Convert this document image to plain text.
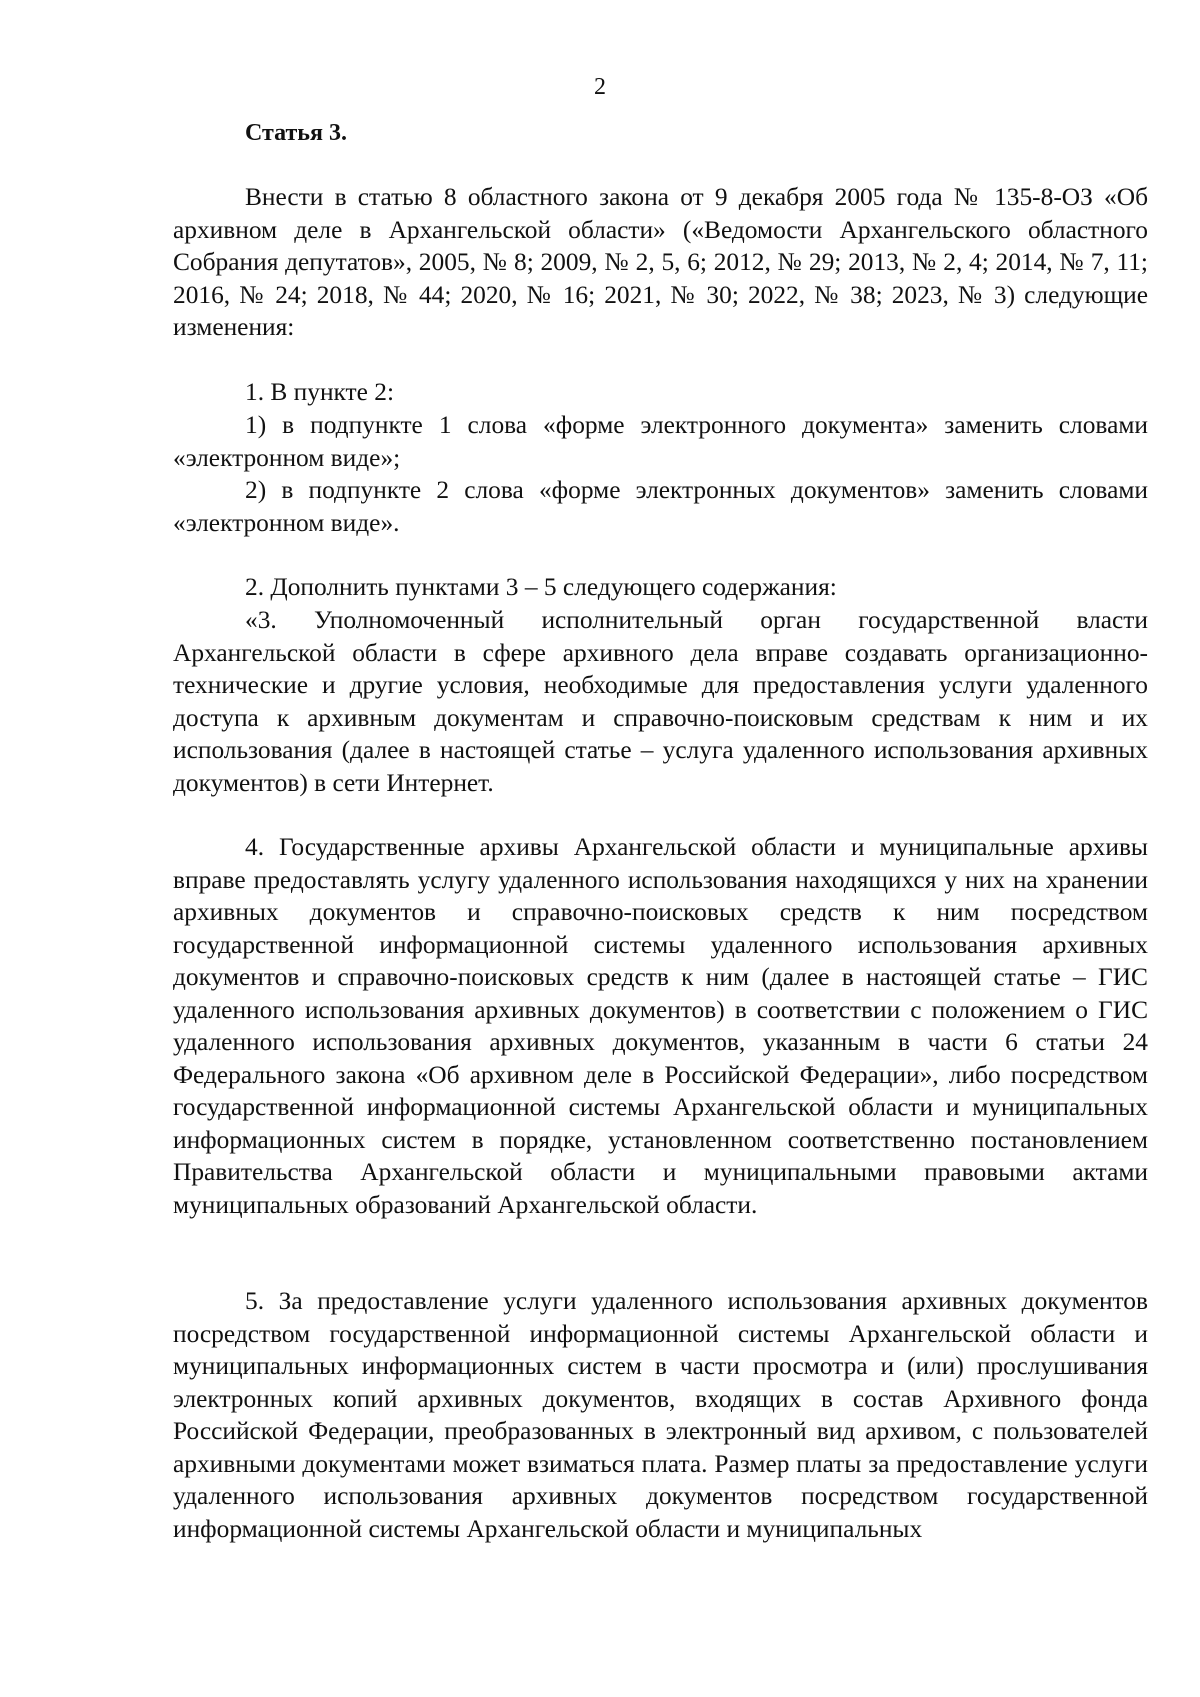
2
Статья 3.

Внести в статью 8 областного закона от 9 декабря 2005 года № 135-8-ОЗ «Об архивном деле в Архангельской области» («Ведомости Архангельского областного Собрания депутатов», 2005, № 8; 2009, № 2, 5, 6; 2012, № 29; 2013, № 2, 4; 2014, № 7, 11; 2016, № 24; 2018, № 44; 2020, № 16; 2021, № 30; 2022, № 38; 2023, № 3) следующие изменения:

1. В пункте 2:

1) в подпункте 1 слова «форме электронного документа» заменить словами «электронном виде»;

2) в подпункте 2 слова «форме электронных документов» заменить словами «электронном виде».

2. Дополнить пунктами 3 – 5 следующего содержания:

«3. Уполномоченный исполнительный орган государственной власти Архангельской области в сфере архивного дела вправе создавать организационно-технические и другие условия, необходимые для предоставления услуги удаленного доступа к архивным документам и справочно-поисковым средствам к ним и их использования (далее в настоящей статье – услуга удаленного использования архивных документов) в сети Интернет.

4. Государственные архивы Архангельской области и муниципальные архивы вправе предоставлять услугу удаленного использования находящихся у них на хранении архивных документов и справочно-поисковых средств к ним посредством государственной информационной системы удаленного использования архивных документов и справочно-поисковых средств к ним (далее в настоящей статье – ГИС удаленного использования архивных документов) в соответствии с положением о ГИС удаленного использования архивных документов, указанным в части 6 статьи 24 Федерального закона «Об архивном деле в Российской Федерации», либо посредством государственной информационной системы Архангельской области и муниципальных информационных систем в порядке, установленном соответственно постановлением Правительства Архангельской области и муниципальными правовыми актами муниципальных образований Архангельской области.

5. За предоставление услуги удаленного использования архивных документов посредством государственной информационной системы Архангельской области и муниципальных информационных систем в части просмотра и (или) прослушивания электронных копий архивных документов, входящих в состав Архивного фонда Российской Федерации, преобразованных в электронный вид архивом, с пользователей архивными документами может взиматься плата. Размер платы за предоставление услуги удаленного использования архивных документов посредством государственной информационной системы Архангельской области и муниципальных
